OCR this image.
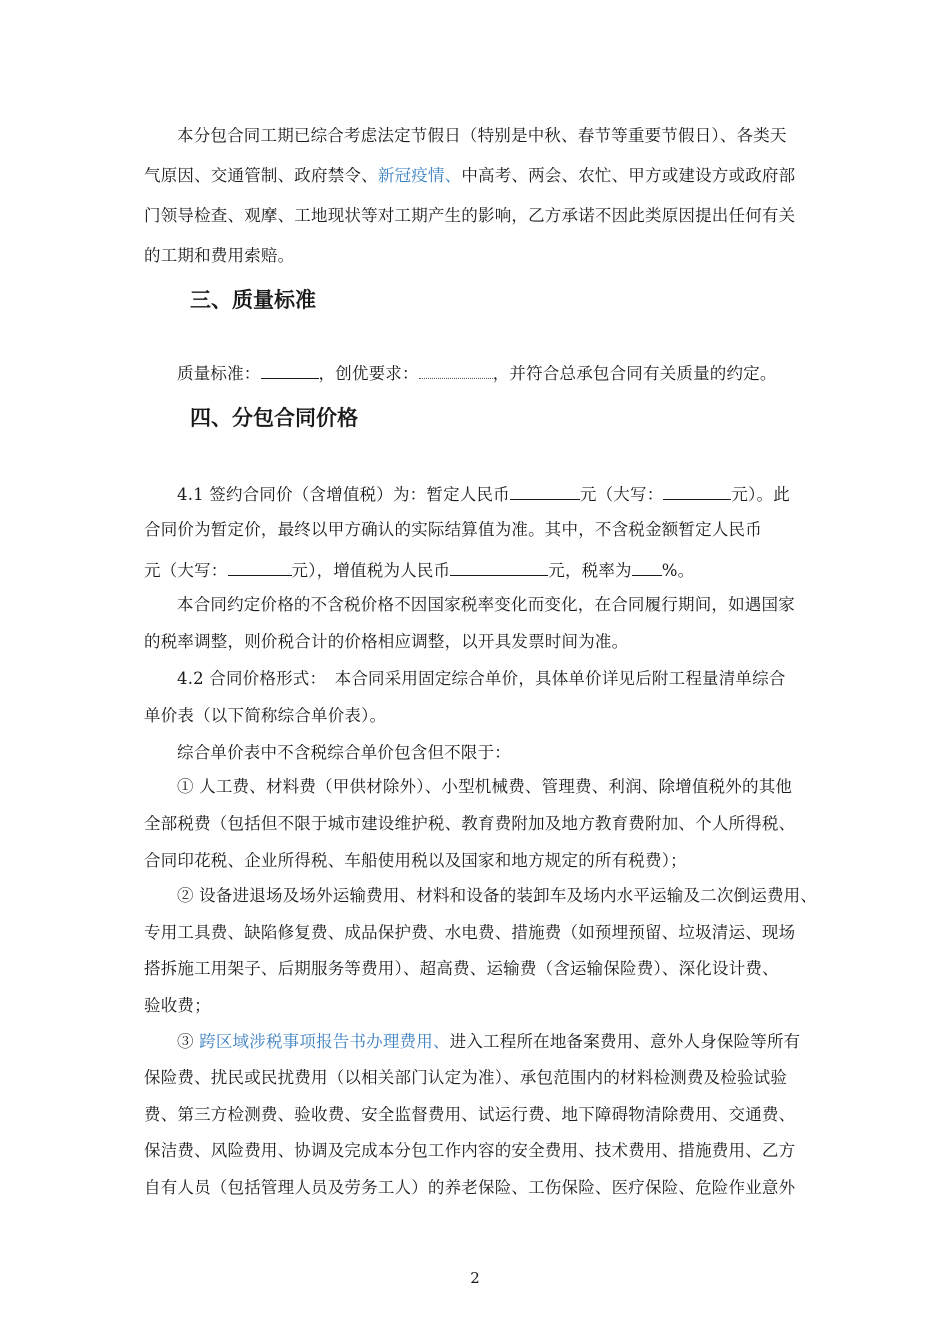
本分包合同工期已综合考虑法定节假日（特别是中秋、春节等重要节假日）、各类天
气原因、交通管制、政府禁令、新冠疫情、中高考、两会、农忙、甲方或建设方或政府部
门领导检查、观摩、工地现状等对工期产生的影响，乙方承诺不因此类原因提出任何有关
的工期和费用索赔。
三、质量标准
质量标准：	，创优要求：	，并符合总承包合同有关质量的约定。
四、分包合同价格
4.1 签约合同价（含增值税）为：暂定人民币	元（大写：	元）。此
合同价为暂定价，最终以甲方确认的实际结算值为准。其中，不含税金额暂定人民币
元（大写：	元），增值税为人民币	元，税率为 %。
本合同约定价格的不含税价格不因国家税率变化而变化，在合同履行期间，如遇国家
的税率调整，则价税合计的价格相应调整，以开具发票时间为准。
4.2 合同价格形式：　本合同采用固定综合单价，具体单价详见后附工程量清单综合
单价表（以下简称综合单价表）。
综合单价表中不含税综合单价包含但不限于：
① 人工费、材料费（甲供材除外）、小型机械费、管理费、利润、除增值税外的其他
全部税费（包括但不限于城市建设维护税、教育费附加及地方教育费附加、个人所得税、
合同印花税、企业所得税、车船使用税以及国家和地方规定的所有税费）；
② 设备进退场及场外运输费用、材料和设备的装卸车及场内水平运输及二次倒运费用、
专用工具费、缺陷修复费、成品保护费、水电费、措施费（如预埋预留、垃圾清运、现场
搭拆施工用架子、后期服务等费用）、超高费、运输费（含运输保险费）、深化设计费、
验收费；
③ 跨区域涉税事项报告书办理费用、进入工程所在地备案费用、意外人身保险等所有
保险费、扰民或民扰费用（以相关部门认定为准）、承包范围内的材料检测费及检验试验
费、第三方检测费、验收费、安全监督费用、试运行费、地下障碍物清除费用、交通费、
保洁费、风险费用、协调及完成本分包工作内容的安全费用、技术费用、措施费用、乙方
自有人员（包括管理人员及劳务工人）的养老保险、工伤保险、医疗保险、危险作业意外
2
